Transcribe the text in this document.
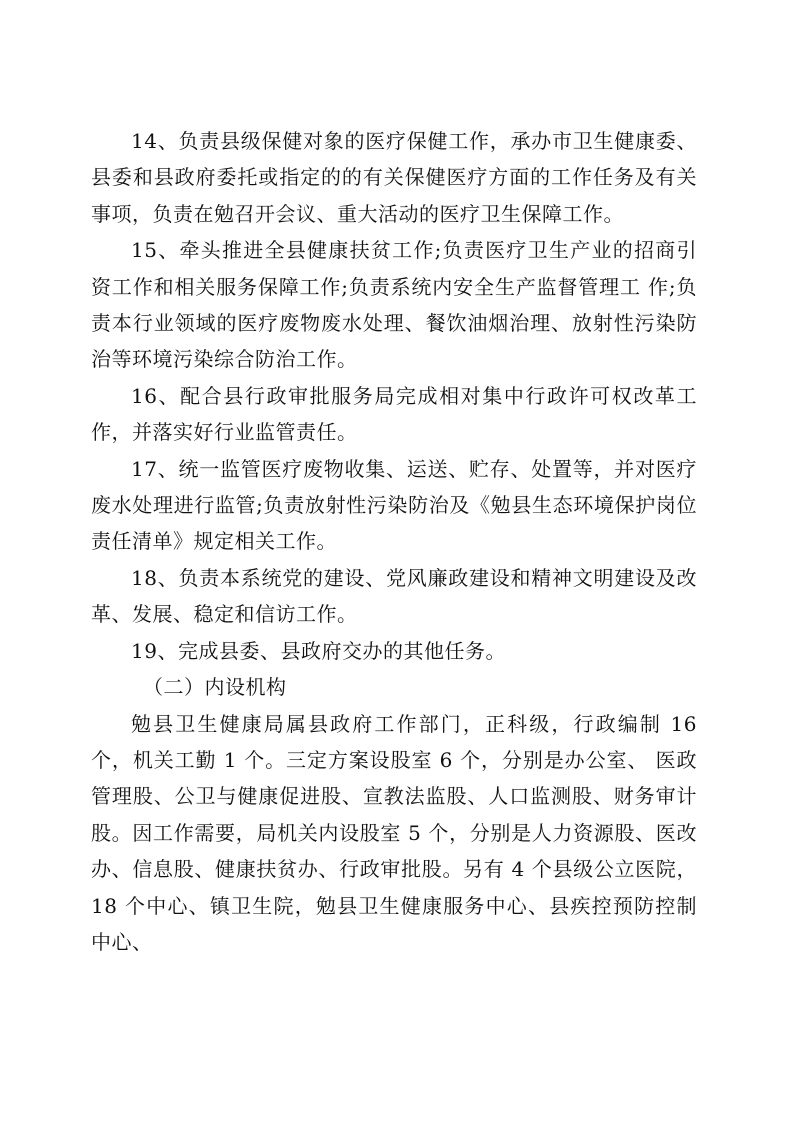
14、负责县级保健对象的医疗保健工作，承办市卫生健康委、县委和县政府委托或指定的的有关保健医疗方面的工作任务及有关事项，负责在勉召开会议、重大活动的医疗卫生保障工作。

15、牵头推进全县健康扶贫工作;负责医疗卫生产业的招商引资工作和相关服务保障工作;负责系统内安全生产监督管理工 作;负责本行业领域的医疗废物废水处理、餐饮油烟治理、放射性污染防治等环境污染综合防治工作。

16、配合县行政审批服务局完成相对集中行政许可权改革工作，并落实好行业监管责任。

17、统一监管医疗废物收集、运送、贮存、处置等，并对医疗废水处理进行监管;负责放射性污染防治及《勉县生态环境保护岗位责任清单》规定相关工作。

18、负责本系统党的建设、党风廉政建设和精神文明建设及改革、发展、稳定和信访工作。

19、完成县委、县政府交办的其他任务。

（二）内设机构

勉县卫生健康局属县政府工作部门，正科级，行政编制 16 个，机关工勤 1 个。三定方案设股室 6 个，分别是办公室、 医政管理股、公卫与健康促进股、宣教法监股、人口监测股、财务审计股。因工作需要，局机关内设股室 5 个，分别是人力资源股、医改办、信息股、健康扶贫办、行政审批股。另有 4 个县级公立医院，18 个中心、镇卫生院，勉县卫生健康服务中心、县疾控预防控制中心、
